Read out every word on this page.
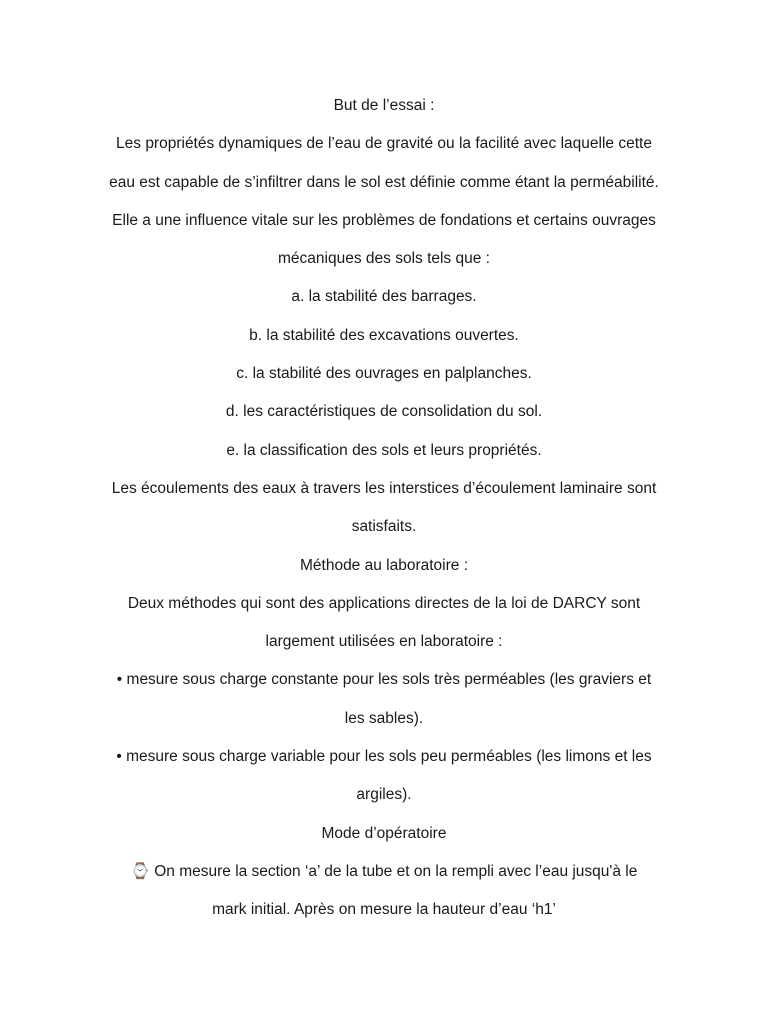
But de l’essai :
Les propriétés dynamiques de l’eau de gravité ou la facilité avec laquelle cette
eau est capable de s’infiltrer dans le sol est définie comme étant la perméabilité.
Elle a une influence vitale sur les problèmes de fondations et certains ouvrages
mécaniques des sols tels que :
a. la stabilité des barrages.
b. la stabilité des excavations ouvertes.
c. la stabilité des ouvrages en palplanches.
d. les caractéristiques de consolidation du sol.
e. la classification des sols et leurs propriétés.
Les écoulements des eaux à travers les interstices d’écoulement laminaire sont
satisfaits.
Méthode au laboratoire :
Deux méthodes qui sont des applications directes de la loi de DARCY sont
largement utilisées en laboratoire :
• mesure sous charge constante pour les sols très perméables (les graviers et
les sables).
• mesure sous charge variable pour les sols peu perméables (les limons et les
argiles).
Mode d’opératoire
⌚ On mesure la section ‘a’ de la tube et on la rempli avec l’eau jusqu'à le
mark initial. Après on mesure la hauteur d’eau ‘h1’
